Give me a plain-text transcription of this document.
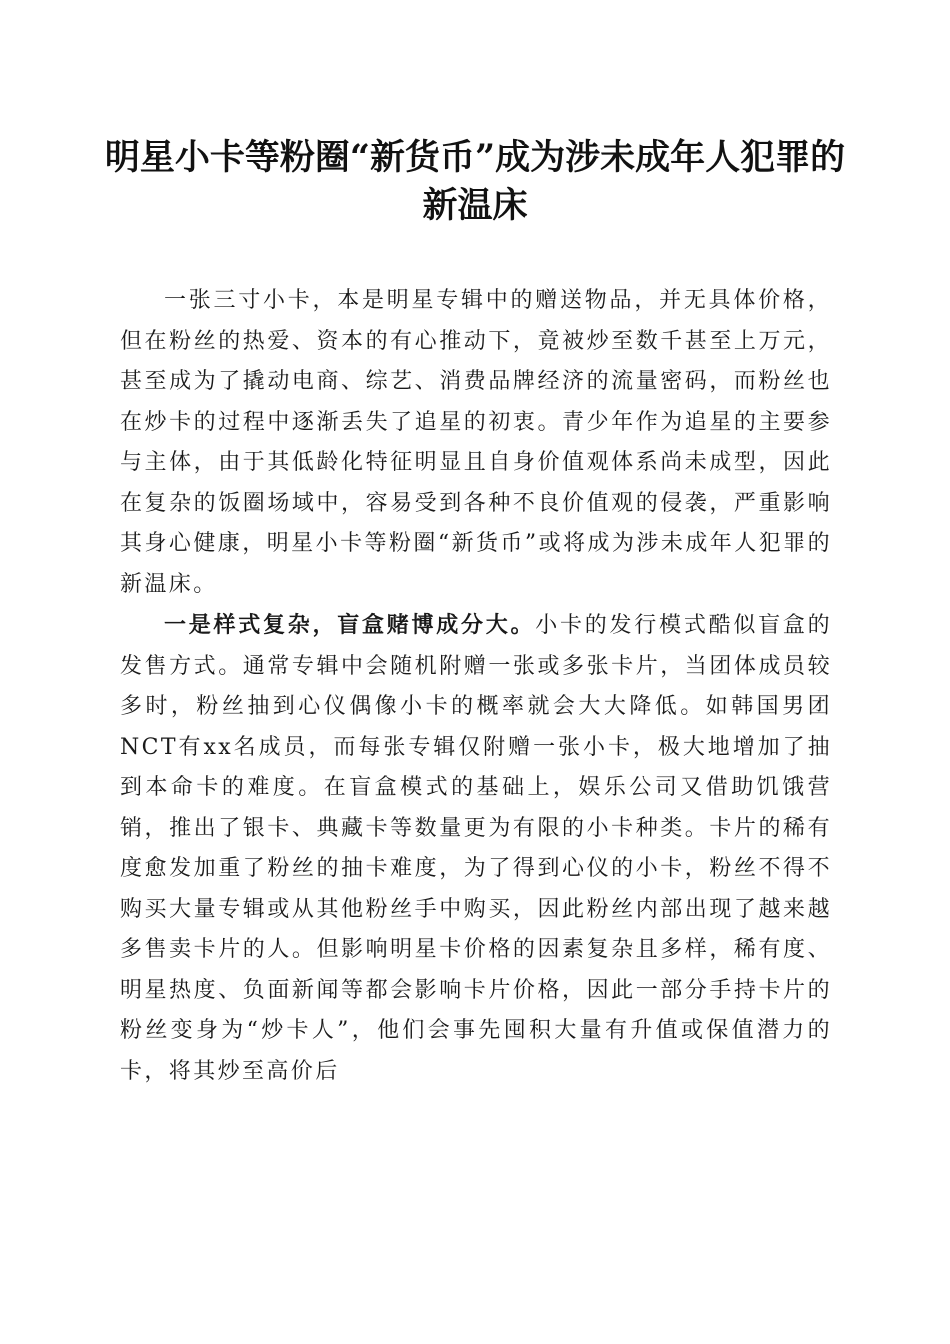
明星小卡等粉圈“新货币”成为涉未成年人犯罪的新温床

一张三寸小卡，本是明星专辑中的赠送物品，并无具体价格，但在粉丝的热爱、资本的有心推动下，竟被炒至数千甚至上万元，甚至成为了撬动电商、综艺、消费品牌经济的流量密码，而粉丝也在炒卡的过程中逐渐丢失了追星的初衷。青少年作为追星的主要参与主体，由于其低龄化特征明显且自身价值观体系尚未成型，因此在复杂的饭圈场域中，容易受到各种不良价值观的侵袭，严重影响其身心健康，明星小卡等粉圈“新货币”或将成为涉未成年人犯罪的新温床。

一是样式复杂，盲盒赌博成分大。小卡的发行模式酷似盲盒的发售方式。通常专辑中会随机附赠一张或多张卡片，当团体成员较多时，粉丝抽到心仪偶像小卡的概率就会大大降低。如韩国男团NCT有xx名成员，而每张专辑仅附赠一张小卡，极大地增加了抽到本命卡的难度。在盲盒模式的基础上，娱乐公司又借助饥饿营销，推出了银卡、典藏卡等数量更为有限的小卡种类。卡片的稀有度愈发加重了粉丝的抽卡难度，为了得到心仪的小卡，粉丝不得不购买大量专辑或从其他粉丝手中购买，因此粉丝内部出现了越来越多售卖卡片的人。但影响明星卡价格的因素复杂且多样，稀有度、明星热度、负面新闻等都会影响卡片价格，因此一部分手持卡片的粉丝变身为“炒卡人”，他们会事先囤积大量有升值或保值潜力的卡，将其炒至高价后
